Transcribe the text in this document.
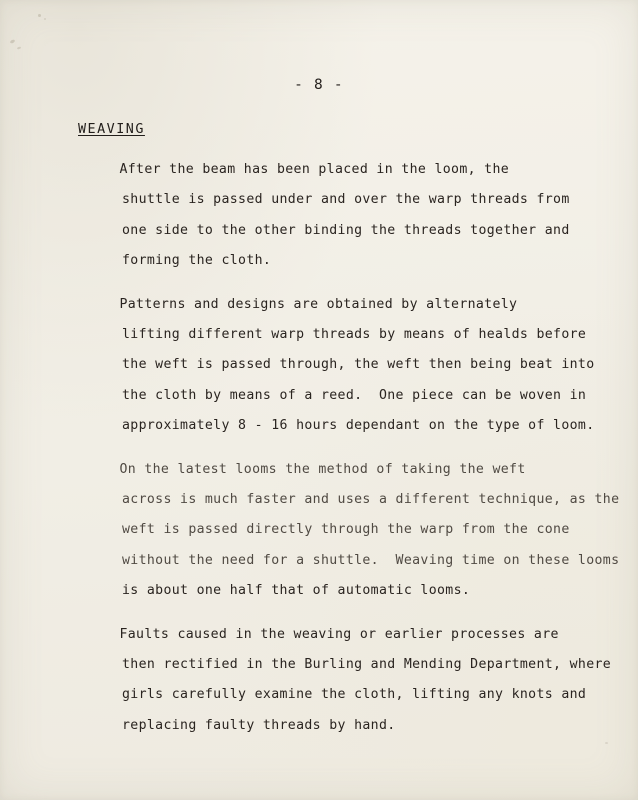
- 8 -
WEAVING

After the beam has been placed in the loom, the
shuttle is passed under and over the warp threads from
one side to the other binding the threads together and
forming the cloth.

Patterns and designs are obtained by alternately
lifting different warp threads by means of healds before
the weft is passed through, the weft then being beat into
the cloth by means of a reed.  One piece can be woven in
approximately 8 - 16 hours dependant on the type of loom.

On the latest looms the method of taking the weft
across is much faster and uses a different technique, as the
weft is passed directly through the warp from the cone
without the need for a shuttle.  Weaving time on these looms
is about one half that of automatic looms.

Faults caused in the weaving or earlier processes are
then rectified in the Burling and Mending Department, where
girls carefully examine the cloth, lifting any knots and
replacing faulty threads by hand.
